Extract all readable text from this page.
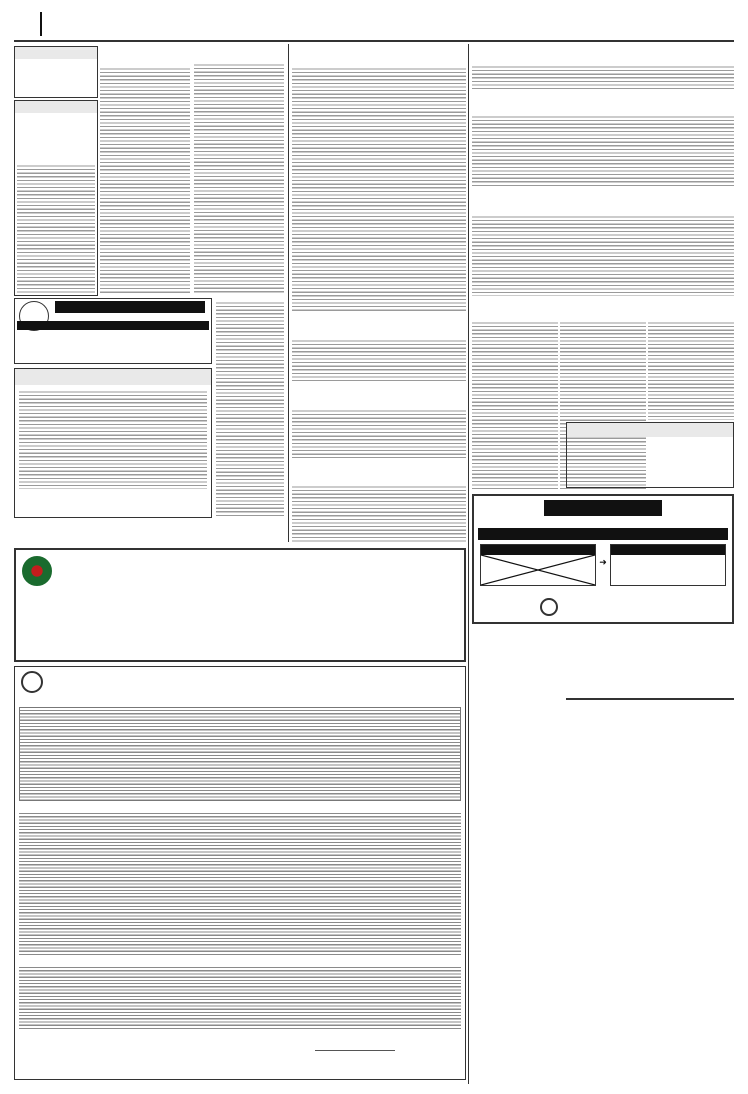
➜
